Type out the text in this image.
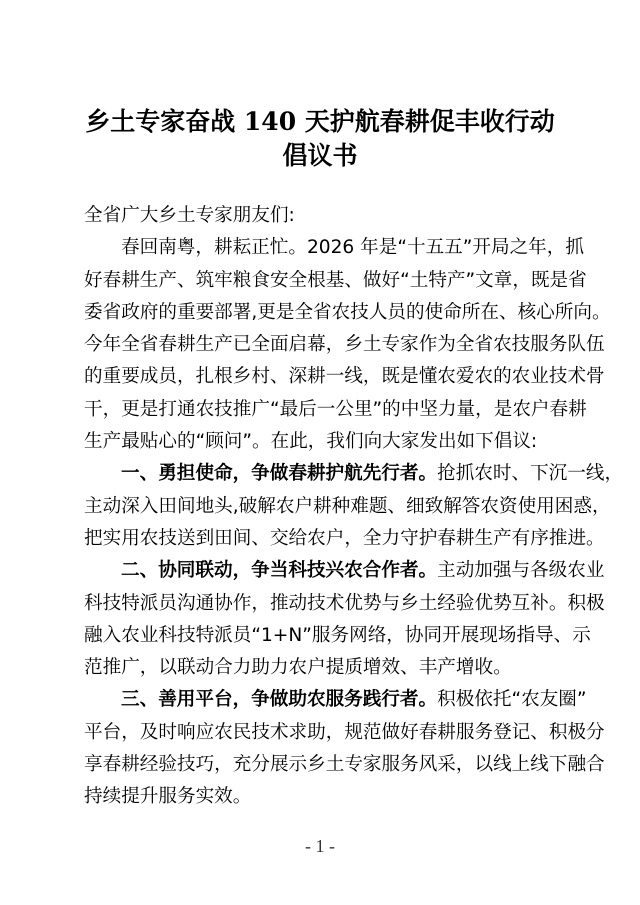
乡土专家奋战 140 天护航春耕促丰收行动
倡议书
全省广大乡土专家朋友们:
春回南粤，耕耘正忙。2026 年是“十五五”开局之年，抓
好春耕生产、筑牢粮食安全根基、做好“土特产”文章，既是省
委省政府的重要部署,更是全省农技人员的使命所在、核心所向。
今年全省春耕生产已全面启幕，乡土专家作为全省农技服务队伍
的重要成员，扎根乡村、深耕一线，既是懂农爱农的农业技术骨
干，更是打通农技推广“最后一公里”的中坚力量，是农户春耕
生产最贴心的“顾问”。在此，我们向大家发出如下倡议:
一、勇担使命，争做春耕护航先行者。抢抓农时、下沉一线，
主动深入田间地头,破解农户耕种难题、细致解答农资使用困惑，
把实用农技送到田间、交给农户，全力守护春耕生产有序推进。
二、协同联动，争当科技兴农合作者。主动加强与各级农业
科技特派员沟通协作，推动技术优势与乡土经验优势互补。积极
融入农业科技特派员“1+N”服务网络，协同开展现场指导、示
范推广，以联动合力助力农户提质增效、丰产增收。
三、善用平台，争做助农服务践行者。积极依托“农友圈”
平台，及时响应农民技术求助，规范做好春耕服务登记、积极分
享春耕经验技巧，充分展示乡土专家服务风采，以线上线下融合
持续提升服务实效。
- 1 -
